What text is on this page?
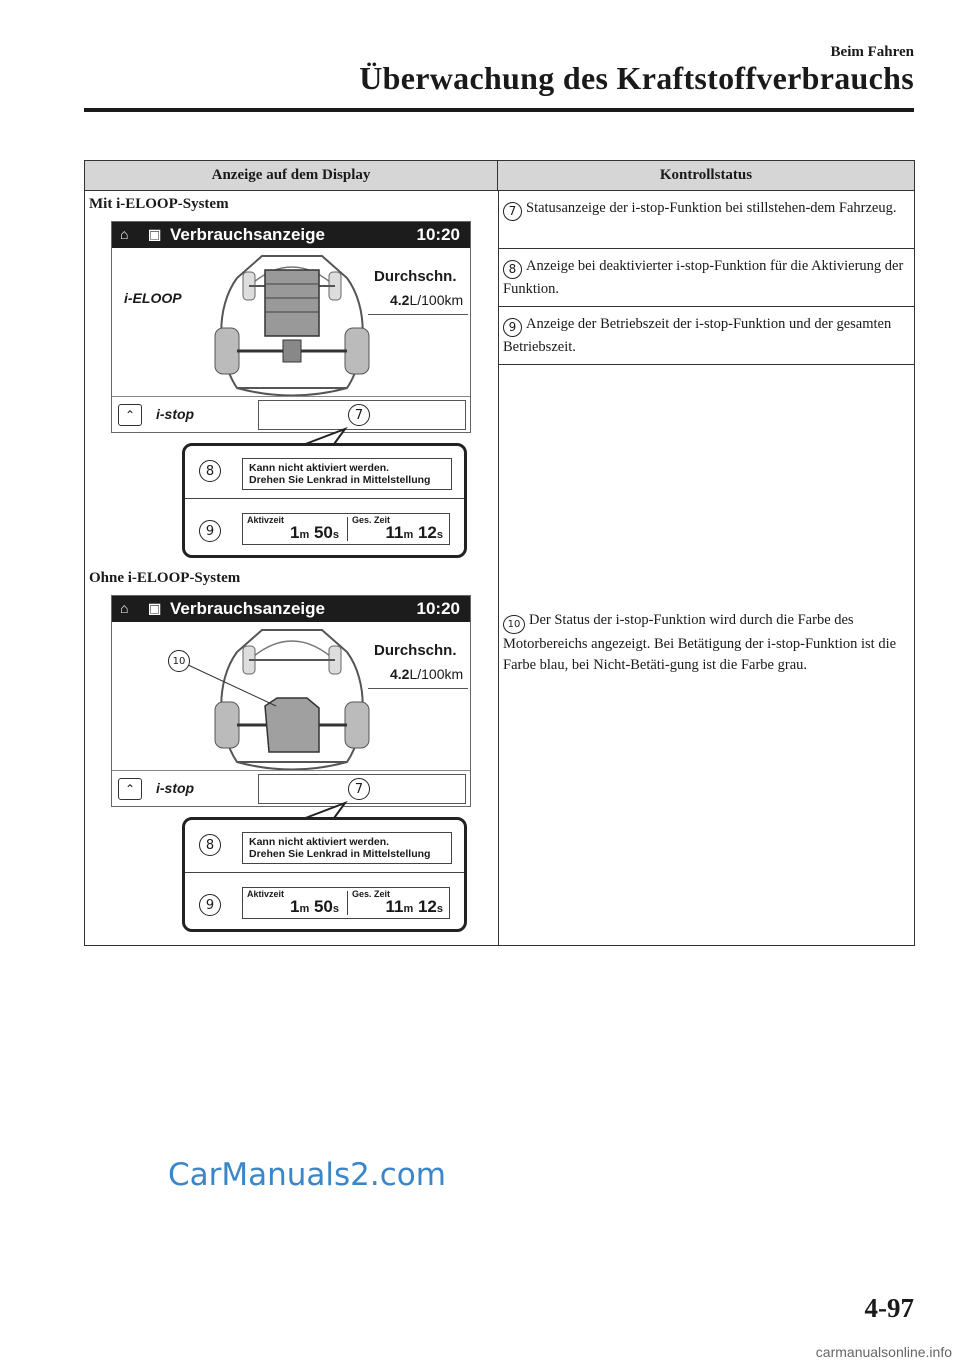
Beim Fahren
Überwachung des Kraftstoffverbrauchs
Anzeige auf dem Display	Kontrollstatus
7 Statusanzeige der i-stop-Funktion bei stillstehen-dem Fahrzeug.
8 Anzeige bei deaktivierter i-stop-Funktion für die Aktivierung der Funktion.
9 Anzeige der Betriebszeit der i-stop-Funktion und der gesamten Betriebszeit.
10 Der Status der i-stop-Funktion wird durch die Farbe des Motorbereichs angezeigt. Bei Betätigung der i-stop-Funktion ist die Farbe blau, bei Nicht-Betäti-gung ist die Farbe grau.
Mit i-ELOOP-System
⌂ ▣ Verbrauchsanzeige	10:20
i-ELOOP
Durchschn.
4.2L/100km
⌃ i-stop	7
8	Kann nicht aktiviert werden.
Drehen Sie Lenkrad in Mittelstellung
9
Aktivzeit
1m 50s
Ges. Zeit
11m 12s
Ohne i-ELOOP-System
⌂ ▣ Verbrauchsanzeige	10:20
10
Durchschn.
4.2L/100km
⌃ i-stop	7
8	Kann nicht aktiviert werden.
Drehen Sie Lenkrad in Mittelstellung
9
Aktivzeit
1m 50s
Ges. Zeit
11m 12s
CarManuals2.com
4-97
carmanualsonline.info
